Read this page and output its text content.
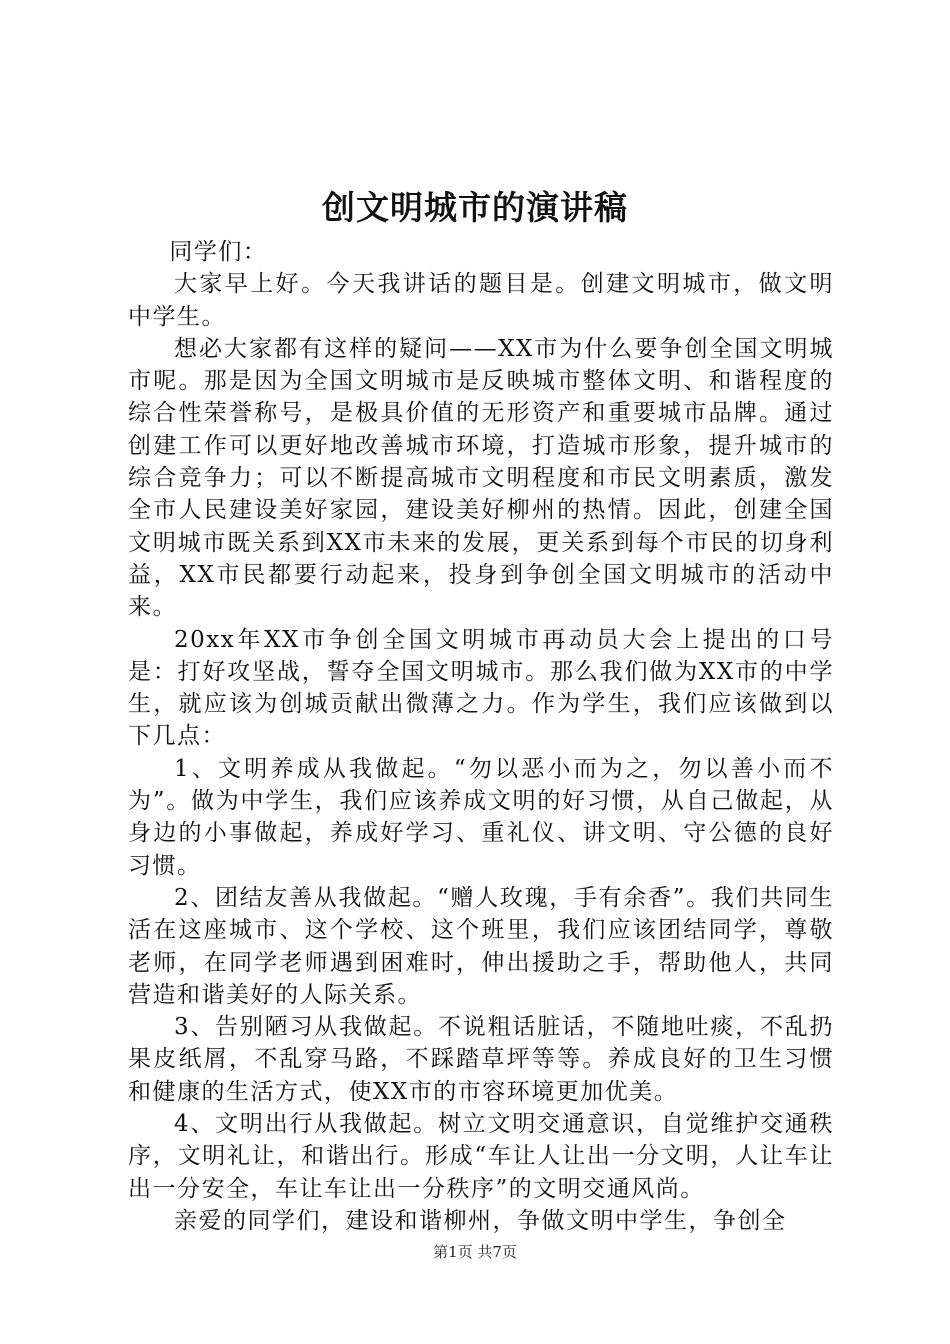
创文明城市的演讲稿

同学们：

大家早上好。今天我讲话的题目是。创建文明城市，做文明中学生。

想必大家都有这样的疑问——XX市为什么要争创全国文明城市呢。那是因为全国文明城市是反映城市整体文明、和谐程度的综合性荣誉称号，是极具价值的无形资产和重要城市品牌。通过创建工作可以更好地改善城市环境，打造城市形象，提升城市的综合竞争力；可以不断提高城市文明程度和市民文明素质，激发全市人民建设美好家园，建设美好柳州的热情。因此，创建全国文明城市既关系到XX市未来的发展，更关系到每个市民的切身利益，XX市民都要行动起来，投身到争创全国文明城市的活动中来。

20xx年XX市争创全国文明城市再动员大会上提出的口号是：打好攻坚战，誓夺全国文明城市。那么我们做为XX市的中学生，就应该为创城贡献出微薄之力。作为学生，我们应该做到以下几点：

1、文明养成从我做起。“勿以恶小而为之，勿以善小而不为”。做为中学生，我们应该养成文明的好习惯，从自己做起，从身边的小事做起，养成好学习、重礼仪、讲文明、守公德的良好习惯。

2、团结友善从我做起。“赠人玫瑰，手有余香”。我们共同生活在这座城市、这个学校、这个班里，我们应该团结同学，尊敬老师，在同学老师遇到困难时，伸出援助之手，帮助他人，共同营造和谐美好的人际关系。

3、告别陋习从我做起。不说粗话脏话，不随地吐痰，不乱扔果皮纸屑，不乱穿马路，不踩踏草坪等等。养成良好的卫生习惯和健康的生活方式，使XX市的市容环境更加优美。

4、文明出行从我做起。树立文明交通意识，自觉维护交通秩序，文明礼让，和谐出行。形成“车让人让出一分文明，人让车让出一分安全，车让车让出一分秩序”的文明交通风尚。

亲爱的同学们，建设和谐柳州，争做文明中学生，争创全

第1页 共7页
